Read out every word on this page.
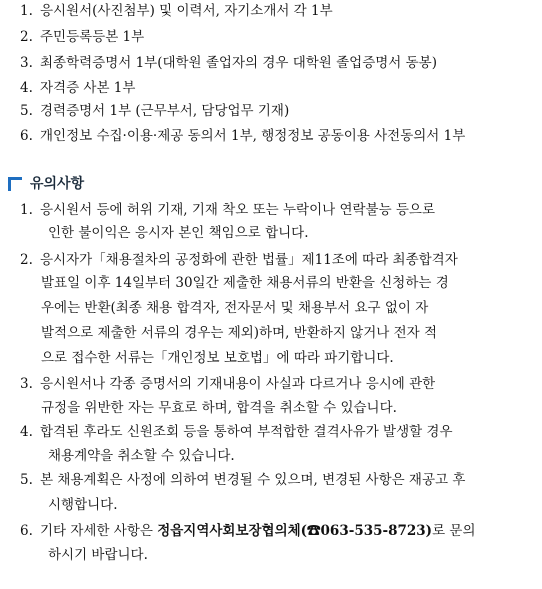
1. 응시원서(사진첨부) 및 이력서, 자기소개서 각 1부
2. 주민등록등본 1부
3. 최종학력증명서 1부(대학원 졸업자의 경우 대학원 졸업증명서 동봉)
4. 자격증 사본 1부
5. 경력증명서 1부 (근무부서, 담당업무 기재)
6. 개인정보 수집·이용·제공 동의서 1부, 행정정보 공동이용 사전동의서 1부
유의사항
1. 응시원서 등에 허위 기재, 기재 착오 또는 누락이나 연락불능 등으로
인한 불이익은 응시자 본인 책임으로 합니다.
2. 응시자가「채용절차의 공정화에 관한 법률」제11조에 따라 최종합격자
발표일 이후 14일부터 30일간 제출한 채용서류의 반환을 신청하는 경
우에는 반환(최종 채용 합격자, 전자문서 및 채용부서 요구 없이 자
발적으로 제출한 서류의 경우는 제외)하며, 반환하지 않거나 전자 적
으로 접수한 서류는「개인정보 보호법」에 따라 파기합니다.
3. 응시원서나 각종 증명서의 기재내용이 사실과 다르거나 응시에 관한
규정을 위반한 자는 무효로 하며, 합격을 취소할 수 있습니다.
4. 합격된 후라도 신원조회 등을 통하여 부적합한 결격사유가 발생할 경우
채용계약을 취소할 수 있습니다.
5. 본 채용계획은 사정에 의하여 변경될 수 있으며, 변경된 사항은 재공고 후
시행합니다.
6. 기타 자세한 사항은 정읍지역사회보장협의체(☎063-535-8723)로 문의
하시기 바랍니다.
